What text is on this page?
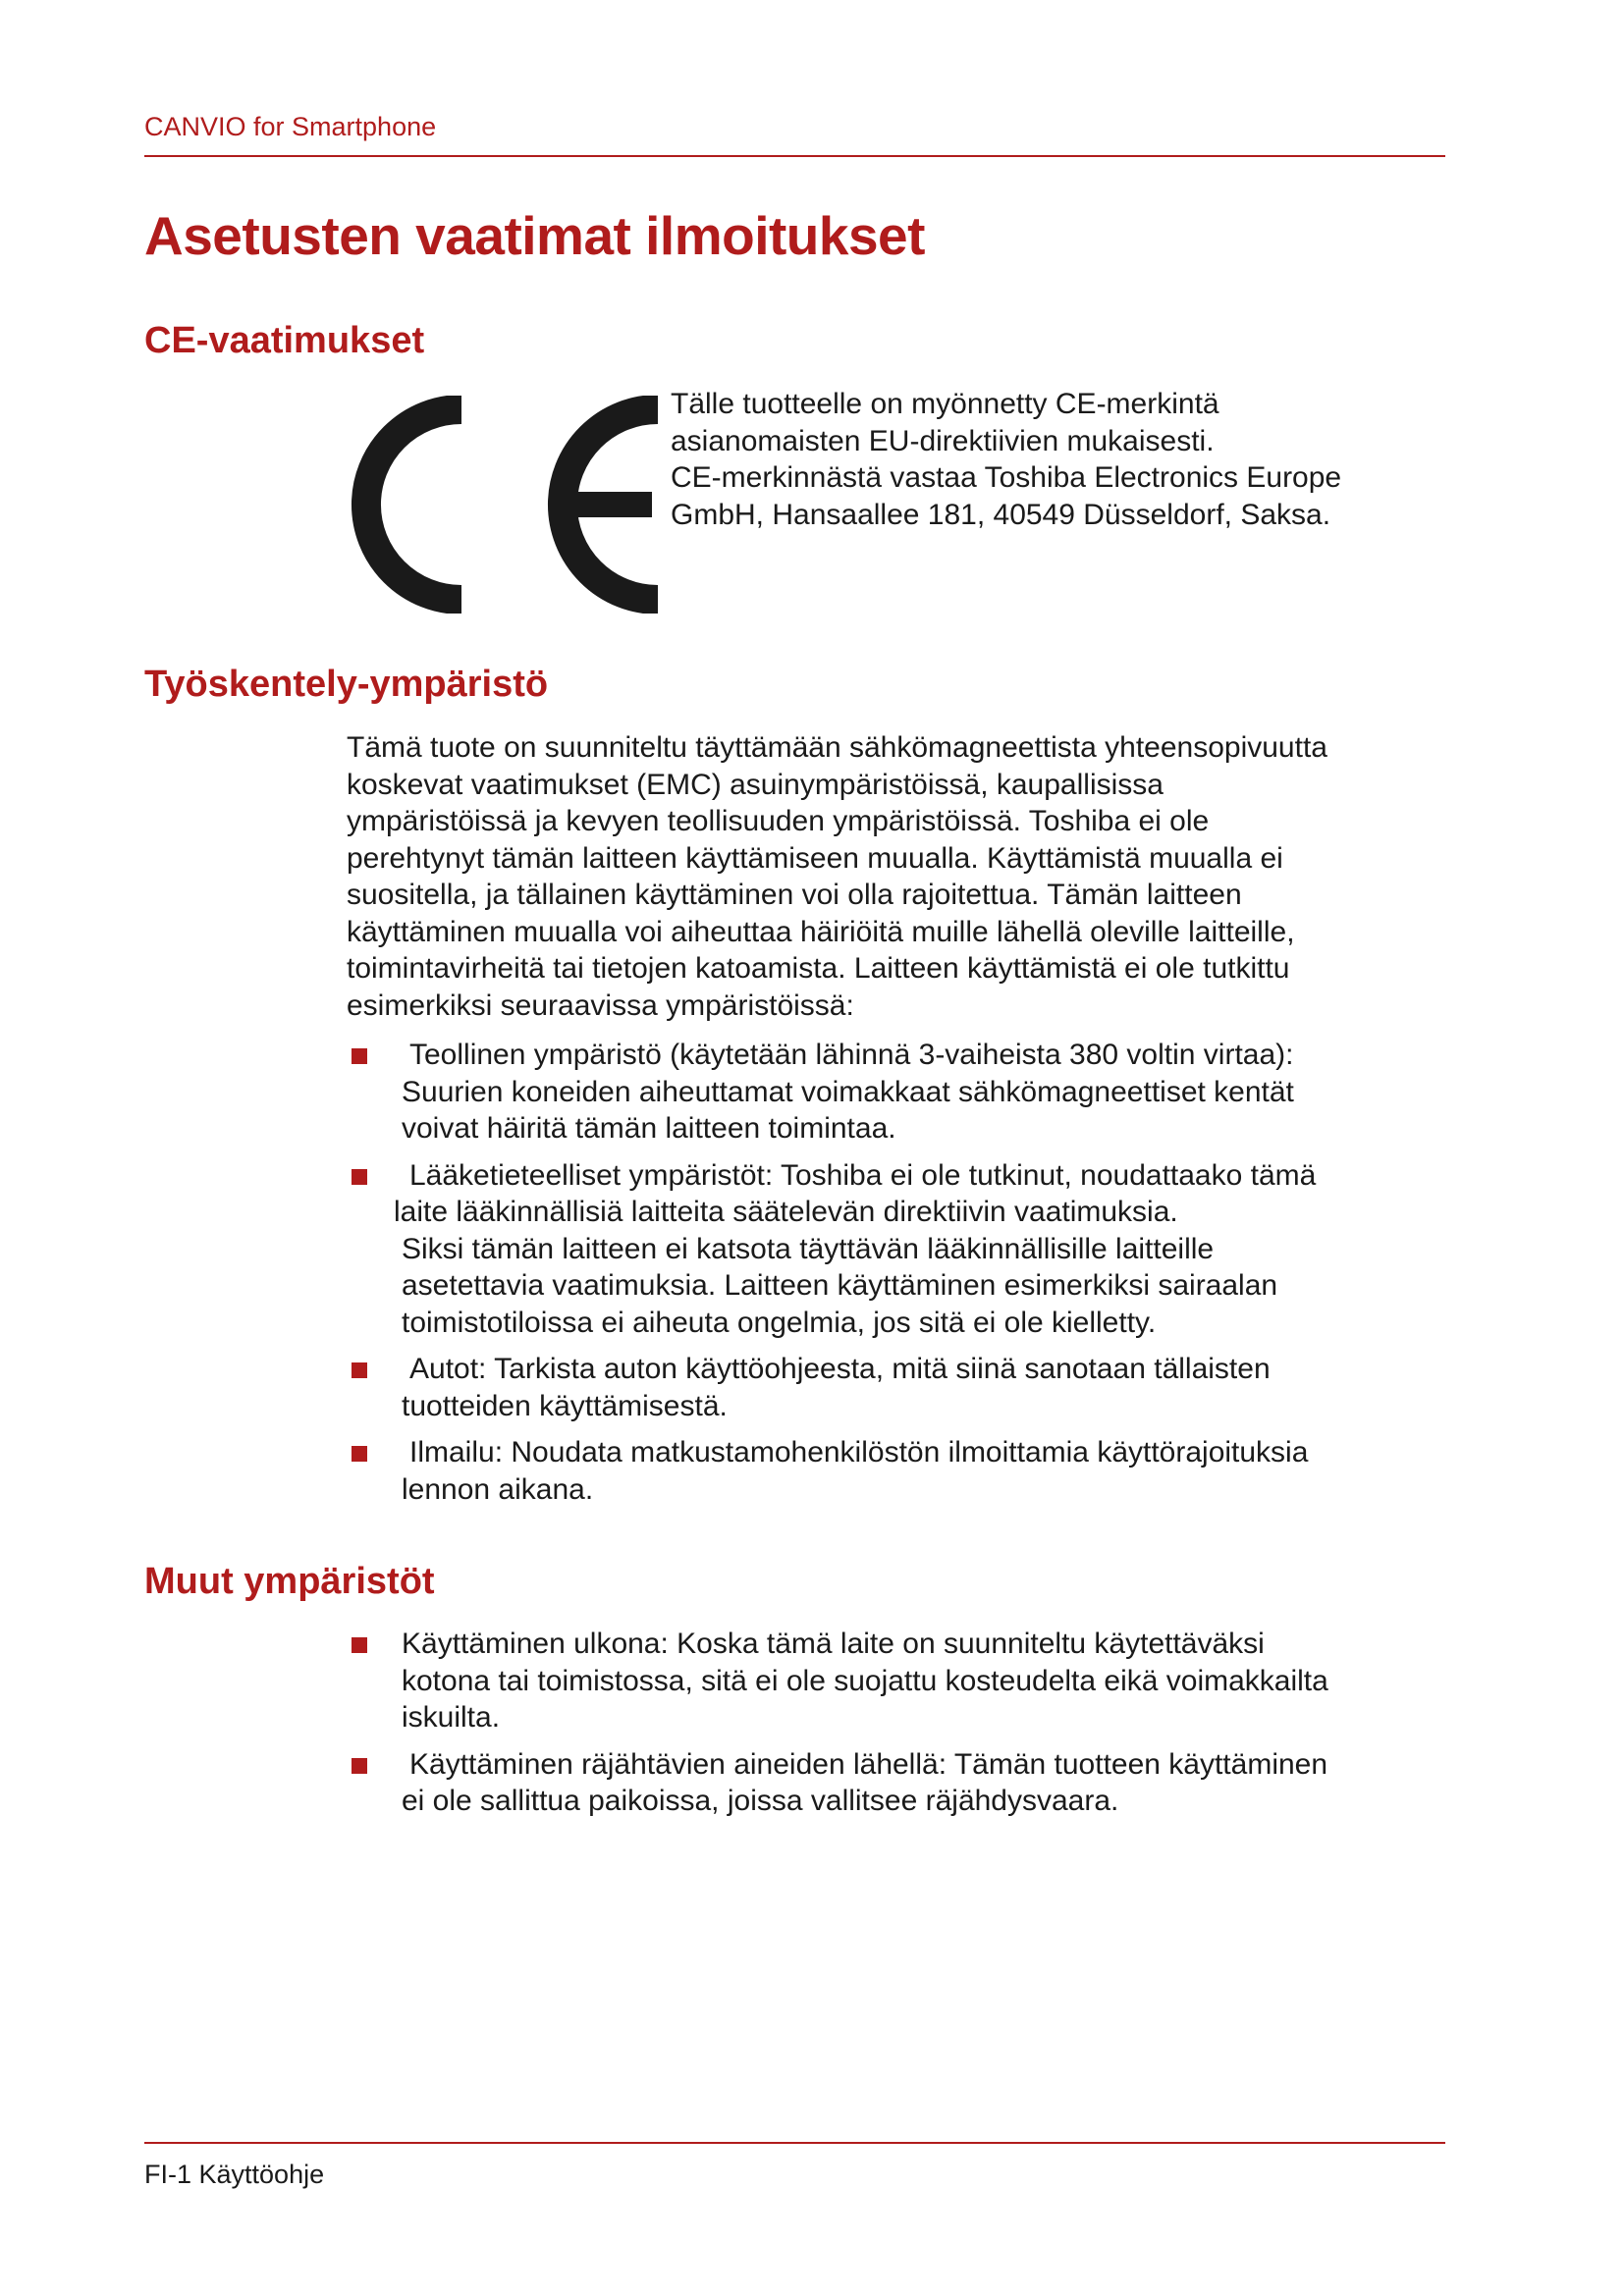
CANVIO for Smartphone
Asetusten vaatimat ilmoitukset
CE-vaatimukset
Tälle tuotteelle on myönnetty CE-merkintä
asianomaisten EU-direktiivien mukaisesti.
CE-merkinnästä vastaa Toshiba Electronics Europe
GmbH, Hansaallee 181, 40549 Düsseldorf, Saksa.
Työskentely-ympäristö
Tämä tuote on suunniteltu täyttämään sähkömagneettista yhteensopivuutta
koskevat vaatimukset (EMC) asuinympäristöissä, kaupallisissa
ympäristöissä ja kevyen teollisuuden ympäristöissä. Toshiba ei ole
perehtynyt tämän laitteen käyttämiseen muualla. Käyttämistä muualla ei
suositella, ja tällainen käyttäminen voi olla rajoitettua. Tämän laitteen
käyttäminen muualla voi aiheuttaa häiriöitä muille lähellä oleville laitteille,
toimintavirheitä tai tietojen katoamista. Laitteen käyttämistä ei ole tutkittu
esimerkiksi seuraavissa ympäristöissä:
Teollinen ympäristö (käytetään lähinnä 3-vaiheista 380 voltin virtaa):
Suurien koneiden aiheuttamat voimakkaat sähkömagneettiset kentät
voivat häiritä tämän laitteen toimintaa.
Lääketieteelliset ympäristöt: Toshiba ei ole tutkinut, noudattaako tämä
laite lääkinnällisiä laitteita säätelevän direktiivin vaatimuksia.
Siksi tämän laitteen ei katsota täyttävän lääkinnällisille laitteille
asetettavia vaatimuksia. Laitteen käyttäminen esimerkiksi sairaalan
toimistotiloissa ei aiheuta ongelmia, jos sitä ei ole kielletty.
Autot: Tarkista auton käyttöohjeesta, mitä siinä sanotaan tällaisten
tuotteiden käyttämisestä.
Ilmailu: Noudata matkustamohenkilöstön ilmoittamia käyttörajoituksia
lennon aikana.
Muut ympäristöt
Käyttäminen ulkona: Koska tämä laite on suunniteltu käytettäväksi
kotona tai toimistossa, sitä ei ole suojattu kosteudelta eikä voimakkailta
iskuilta.
Käyttäminen räjähtävien aineiden lähellä: Tämän tuotteen käyttäminen
ei ole sallittua paikoissa, joissa vallitsee räjähdysvaara.
FI-1 Käyttöohje
